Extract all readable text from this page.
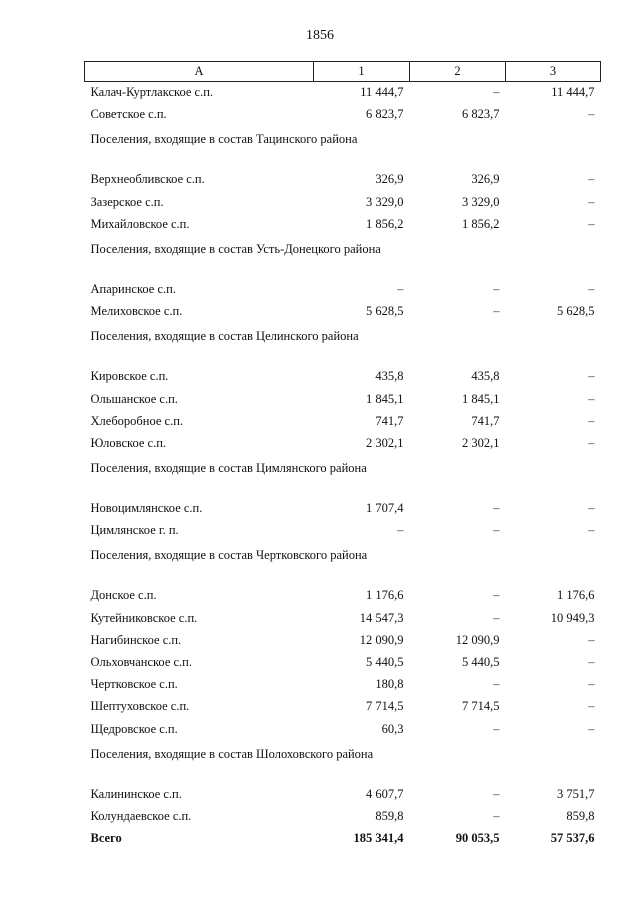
1856
А	1	2	3
Калач-Куртлакское с.п.	11 444,7	–	11 444,7
Советское с.п.	6 823,7	6 823,7	–
Поселения, входящие в состав Тацинского района			
Верхнеобливское с.п.	326,9	326,9	–
Зазерское с.п.	3 329,0	3 329,0	–
Михайловское с.п.	1 856,2	1 856,2	–
Поселения, входящие в состав Усть-Донецкого района			
Апаринское с.п.	–	–	–
Мелиховское с.п.	5 628,5	–	5 628,5
Поселения, входящие в состав Целинского района			
Кировское с.п.	435,8	435,8	–
Ольшанское с.п.	1 845,1	1 845,1	–
Хлеборобное с.п.	741,7	741,7	–
Юловское с.п.	2 302,1	2 302,1	–
Поселения, входящие в состав Цимлянского района			
Новоцимлянское с.п.	1 707,4	–	–
Цимлянское г. п.	–	–	–
Поселения, входящие в состав Чертковского района			
Донское с.п.	1 176,6	–	1 176,6
Кутейниковское с.п.	14 547,3	–	10 949,3
Нагибинское с.п.	12 090,9	12 090,9	–
Ольховчанское с.п.	5 440,5	5 440,5	–
Чертковское с.п.	180,8	–	–
Шептуховское с.п.	7 714,5	7 714,5	–
Щедровское с.п.	60,3	–	–
Поселения, входящие в состав Шолоховского района			
Калининское с.п.	4 607,7	–	3 751,7
Колундаевское с.п.	859,8	–	859,8
Всего	185 341,4	90 053,5	57 537,6
